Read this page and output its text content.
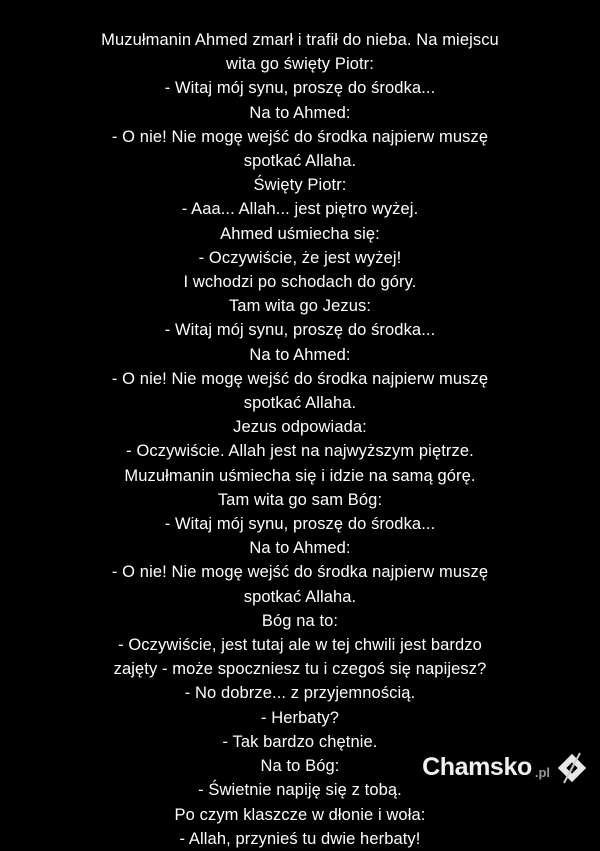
Muzułmanin Ahmed zmarł i trafił do nieba. Na miejscu
wita go święty Piotr:
- Witaj mój synu, proszę do środka...
Na to Ahmed:
- O nie! Nie mogę wejść do środka najpierw muszę
spotkać Allaha.
Święty Piotr:
- Aaa... Allah... jest piętro wyżej.
Ahmed uśmiecha się:
- Oczywiście, że jest wyżej!
I wchodzi po schodach do góry.
Tam wita go Jezus:
- Witaj mój synu, proszę do środka...
Na to Ahmed:
- O nie! Nie mogę wejść do środka najpierw muszę
spotkać Allaha.
Jezus odpowiada:
- Oczywiście. Allah jest na najwyższym piętrze.
Muzułmanin uśmiecha się i idzie na samą górę.
Tam wita go sam Bóg:
- Witaj mój synu, proszę do środka...
Na to Ahmed:
- O nie! Nie mogę wejść do środka najpierw muszę
spotkać Allaha.
Bóg na to:
- Oczywiście, jest tutaj ale w tej chwili jest bardzo
zajęty - może spoczniesz tu i czegoś się napijesz?
- No dobrze... z przyjemnością.
- Herbaty?
- Tak bardzo chętnie.
Na to Bóg:
- Świetnie napiję się z tobą.
Po czym klaszcze w dłonie i woła:
- Allah, przynieś tu dwie herbaty!
Chamsko .pl
